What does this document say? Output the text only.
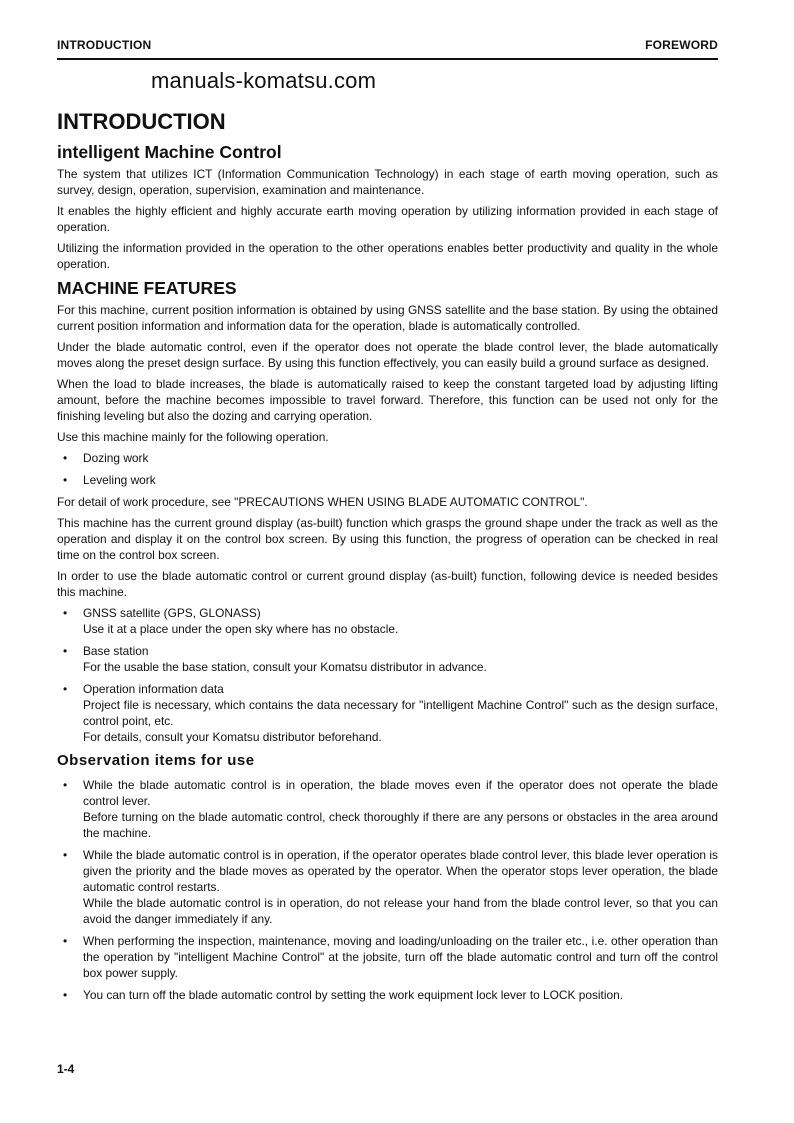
INTRODUCTION	FOREWORD
manuals-komatsu.com
INTRODUCTION
intelligent Machine Control

The system that utilizes ICT (Information Communication Technology) in each stage of earth moving operation, such as survey, design, operation, supervision, examination and maintenance.

It enables the highly efficient and highly accurate earth moving operation by utilizing information provided in each stage of operation.

Utilizing the information provided in the operation to the other operations enables better productivity and quality in the whole operation.

MACHINE FEATURES

For this machine, current position information is obtained by using GNSS satellite and the base station. By using the obtained current position information and information data for the operation, blade is automatically controlled.

Under the blade automatic control, even if the operator does not operate the blade control lever, the blade automatically moves along the preset design surface. By using this function effectively, you can easily build a ground surface as designed.

When the load to blade increases, the blade is automatically raised to keep the constant targeted load by adjusting lifting amount, before the machine becomes impossible to travel forward. Therefore, this function can be used not only for the finishing leveling but also the dozing and carrying operation.

Use this machine mainly for the following operation.

• Dozing work
• Leveling work

For detail of work procedure, see "PRECAUTIONS WHEN USING BLADE AUTOMATIC CONTROL".

This machine has the current ground display (as-built) function which grasps the ground shape under the track as well as the operation and display it on the control box screen. By using this function, the progress of operation can be checked in real time on the control box screen.

In order to use the blade automatic control or current ground display (as-built) function, following device is needed besides this machine.

• GNSS satellite (GPS, GLONASS)
Use it at a place under the open sky where has no obstacle.
• Base station
For the usable the base station, consult your Komatsu distributor in advance.
• Operation information data
Project file is necessary, which contains the data necessary for "intelligent Machine Control" such as the design surface, control point, etc.
For details, consult your Komatsu distributor beforehand.
Observation items for use
• While the blade automatic control is in operation, the blade moves even if the operator does not operate the blade control lever.
Before turning on the blade automatic control, check thoroughly if there are any persons or obstacles in the area around the machine.
• While the blade automatic control is in operation, if the operator operates blade control lever, this blade lever operation is given the priority and the blade moves as operated by the operator. When the operator stops lever operation, the blade automatic control restarts.
While the blade automatic control is in operation, do not release your hand from the blade control lever, so that you can avoid the danger immediately if any.
• When performing the inspection, maintenance, moving and loading/unloading on the trailer etc., i.e. other operation than the operation by "intelligent Machine Control" at the jobsite, turn off the blade automatic control and turn off the control box power supply.
• You can turn off the blade automatic control by setting the work equipment lock lever to LOCK position.
1-4
